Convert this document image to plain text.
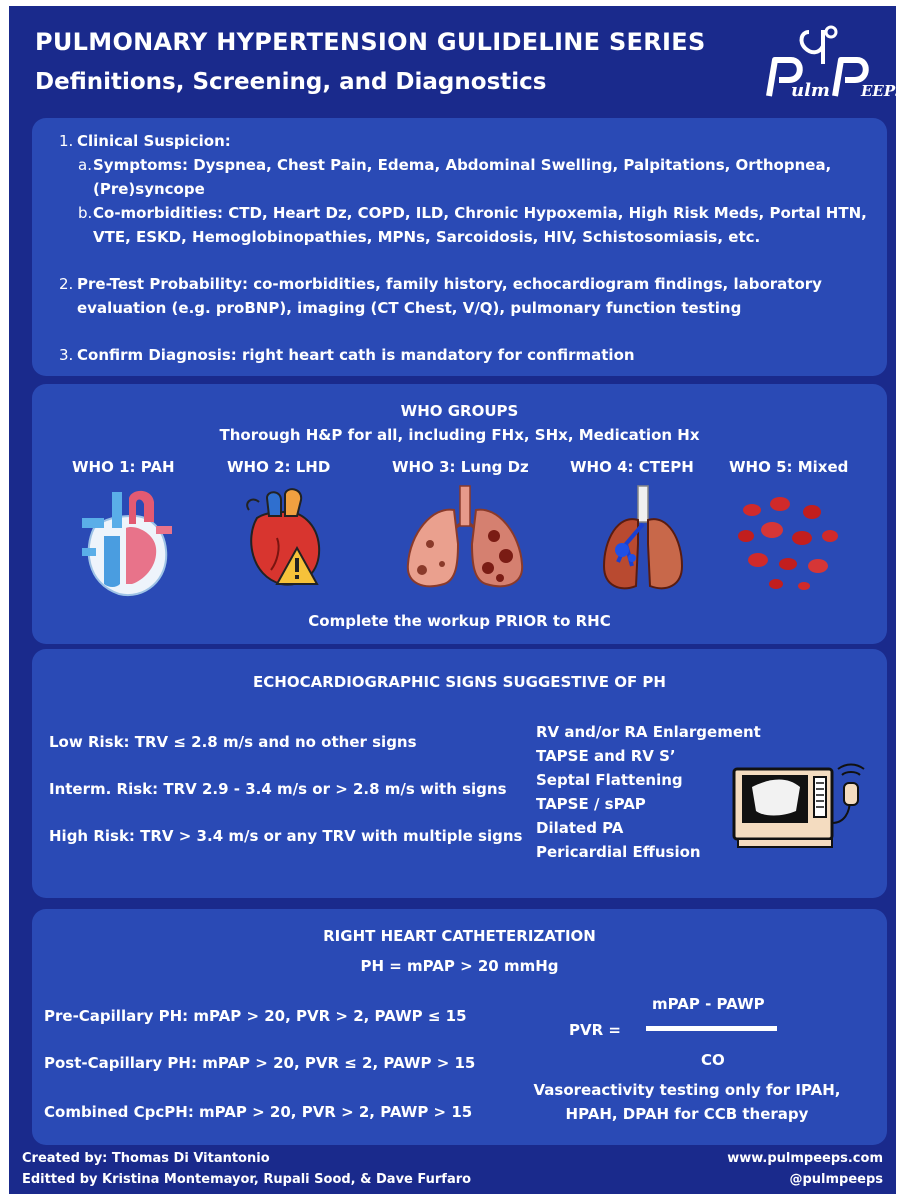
PULMONARY HYPERTENSION GULIDELINE SERIES
Definitions, Screening, and Diagnostics	ulm EEPs
1. Clinical Suspicion:
a. Symptoms: Dyspnea, Chest Pain, Edema, Abdominal Swelling, Palpitations, Orthopnea,
(Pre)syncope
b. Co-morbidities: CTD, Heart Dz, COPD, ILD, Chronic Hypoxemia, High Risk Meds, Portal HTN,
VTE, ESKD, Hemoglobinopathies, MPNs, Sarcoidosis, HIV, Schistosomiasis, etc.
2. Pre-Test Probability: co-morbidities, family history, echocardiogram findings, laboratory
evaluation (e.g. proBNP), imaging (CT Chest, V/Q), pulmonary function testing
3. Confirm Diagnosis: right heart cath is mandatory for confirmation
WHO GROUPS
Thorough H&P for all, including FHx, SHx, Medication Hx
WHO 1: PAH	WHO 2: LHD	WHO 3: Lung Dz	WHO 4: CTEPH WHO 5: Mixed
Complete the workup PRIOR to RHC
ECHOCARDIOGRAPHIC SIGNS SUGGESTIVE OF PH
Low Risk: TRV ≤ 2.8 m/s and no other signs
Interm. Risk: TRV 2.9 - 3.4 m/s or > 2.8 m/s with signs
High Risk: TRV > 3.4 m/s or any TRV with multiple signs
RV and/or RA Enlargement
TAPSE and RV S’
Septal Flattening
TAPSE / sPAP
Dilated PA
Pericardial Effusion
RIGHT HEART CATHETERIZATION
PH = mPAP > 20 mmHg
Pre-Capillary PH: mPAP > 20, PVR > 2, PAWP ≤ 15
Post-Capillary PH: mPAP > 20, PVR ≤ 2, PAWP > 15
Combined CpcPH: mPAP > 20, PVR > 2, PAWP > 15
PVR =
mPAP - PAWP
CO
Vasoreactivity testing only for IPAH,
HPAH, DPAH for CCB therapy
Created by: Thomas Di Vitantonio
Editted by Kristina Montemayor, Rupali Sood, & Dave Furfaro
www.pulmpeeps.com
@pulmpeeps
